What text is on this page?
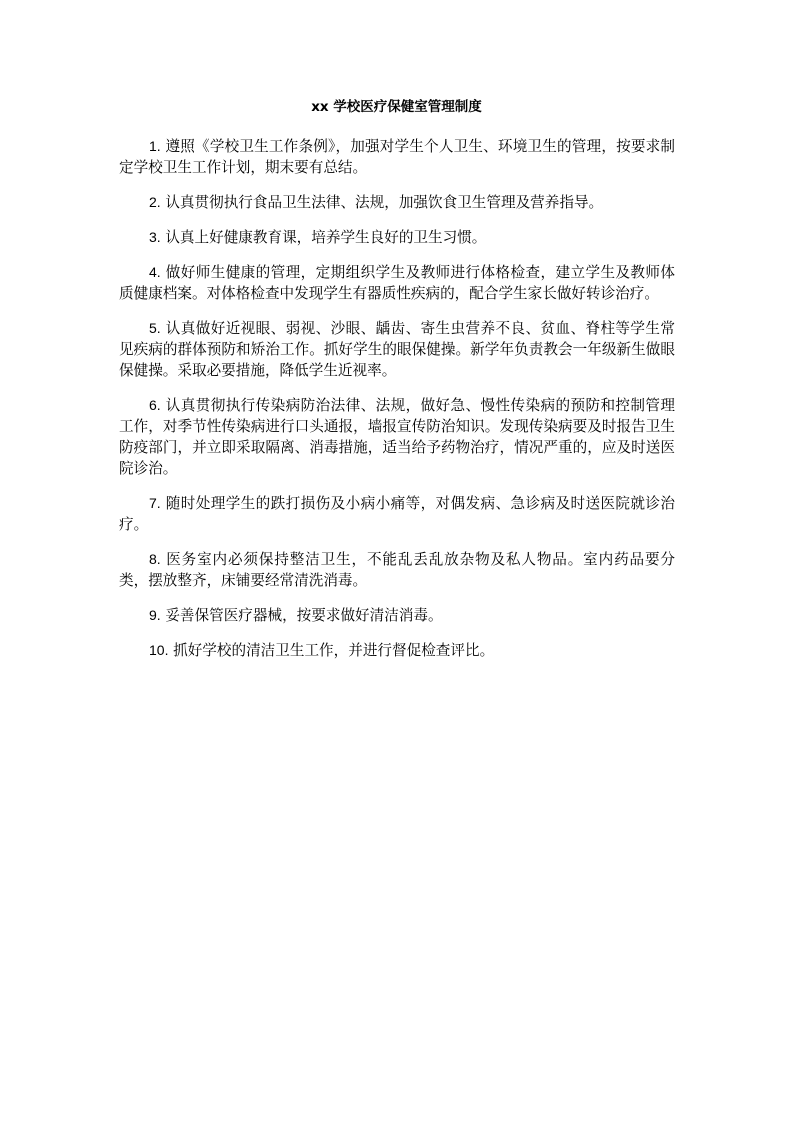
xx 学校医疗保健室管理制度

1. 遵照《学校卫生工作条例》，加强对学生个人卫生、环境卫生的管理，按要求制定学校卫生工作计划，期末要有总结。

2. 认真贯彻执行食品卫生法律、法规，加强饮食卫生管理及营养指导。

3. 认真上好健康教育课，培养学生良好的卫生习惯。

4. 做好师生健康的管理，定期组织学生及教师进行体格检查，建立学生及教师体质健康档案。对体格检查中发现学生有器质性疾病的，配合学生家长做好转诊治疗。

5. 认真做好近视眼、弱视、沙眼、龋齿、寄生虫营养不良、贫血、脊柱等学生常见疾病的群体预防和矫治工作。抓好学生的眼保健操。新学年负责教会一年级新生做眼保健操。采取必要措施，降低学生近视率。

6. 认真贯彻执行传染病防治法律、法规，做好急、慢性传染病的预防和控制管理工作，对季节性传染病进行口头通报，墙报宣传防治知识。发现传染病要及时报告卫生防疫部门，并立即采取隔离、消毒措施，适当给予药物治疗，情况严重的，应及时送医院诊治。

7. 随时处理学生的跌打损伤及小病小痛等，对偶发病、急诊病及时送医院就诊治疗。

8. 医务室内必须保持整洁卫生，不能乱丢乱放杂物及私人物品。室内药品要分类，摆放整齐，床铺要经常清洗消毒。

9. 妥善保管医疗器械，按要求做好清洁消毒。

10. 抓好学校的清洁卫生工作，并进行督促检查评比。
